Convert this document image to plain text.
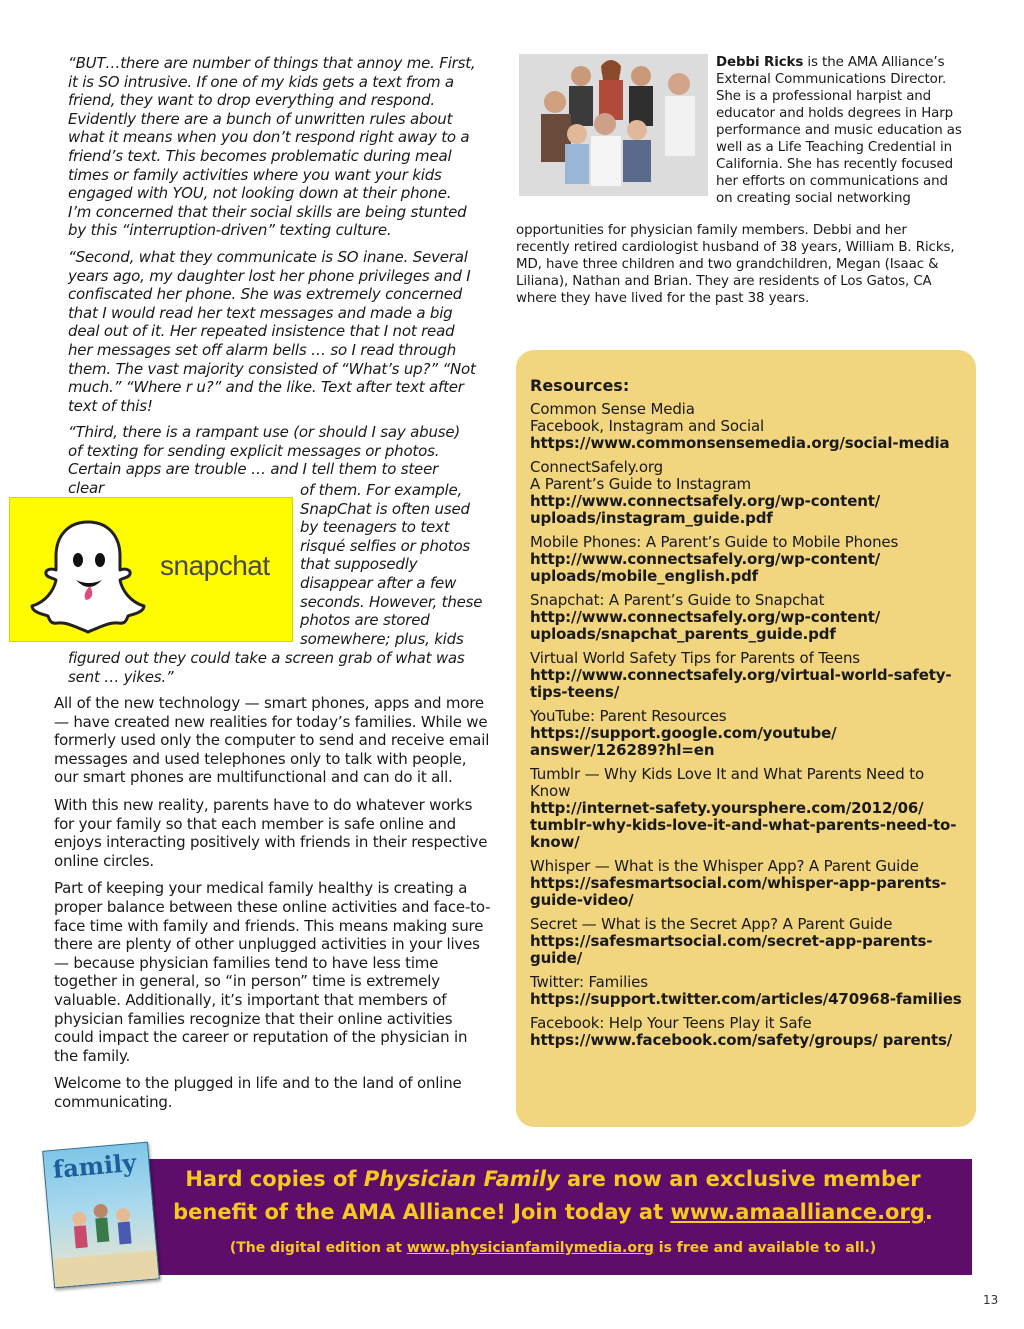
“BUT…there are number of things that annoy me. First, it is SO intrusive. If one of my kids gets a text from a friend, they want to drop everything and respond. Evidently there are a bunch of unwritten rules about what it means when you don’t respond right away to a friend’s text. This becomes problematic during meal times or family activities where you want your kids engaged with YOU, not looking down at their phone. I’m concerned that their social skills are being stunted by this “interruption-driven” texting culture.

“Second, what they communicate is SO inane. Several years ago, my daughter lost her phone privileges and I confiscated her phone. She was extremely concerned that I would read her text messages and made a big deal out of it. Her repeated insistence that I not read her messages set off alarm bells … so I read through them. The vast majority consisted of “What’s up?” “Not much.” “Where r u?” and the like. Text after text after text of this!

“Third, there is a rampant use (or should I say abuse) of texting for sending explicit messages or photos. Certain apps are trouble … and I tell them to steer clear

snapchat

of them. For example, SnapChat is often used by teenagers to text risqué selfies or photos that supposedly disappear after a few seconds. However, these photos are stored somewhere; plus, kids

figured out they could take a screen grab of what was sent … yikes.”

All of the new technology — smart phones, apps and more — have created new realities for today’s families. While we formerly used only the computer to send and receive email messages and used telephones only to talk with people, our smart phones are multifunctional and can do it all.

With this new reality, parents have to do whatever works for your family so that each member is safe online and enjoys interacting positively with friends in their respective online circles.

Part of keeping your medical family healthy is creating a proper balance between these online activities and face-to-face time with family and friends. This means making sure there are plenty of other unplugged activities in your lives — because physician families tend to have less time together in general, so “in person” time is extremely valuable. Additionally, it’s important that members of physician families recognize that their online activities could impact the career or reputation of the physician in the family.

Welcome to the plugged in life and to the land of online communicating.

Debbi Ricks is the AMA Alliance’s External Communications Director. She is a professional harpist and educator and holds degrees in Harp performance and music education as well as a Life Teaching Credential in California. She has recently focused her efforts on communications and on creating social networking

opportunities for physician family members. Debbi and her recently retired cardiologist husband of 38 years, William B. Ricks, MD, have three children and two grandchildren, Megan (Isaac & Liliana), Nathan and Brian. They are residents of Los Gatos, CA where they have lived for the past 38 years.

Resources:
Common Sense Media
Facebook, Instagram and Social
https://www.commonsensemedia.org/social-media
ConnectSafely.org
A Parent’s Guide to Instagram
http://www.connectsafely.org/wp-content/ uploads/instagram_guide.pdf
Mobile Phones: A Parent’s Guide to Mobile Phones
http://www.connectsafely.org/wp-content/ uploads/mobile_english.pdf
Snapchat: A Parent’s Guide to Snapchat
http://www.connectsafely.org/wp-content/ uploads/snapchat_parents_guide.pdf
Virtual World Safety Tips for Parents of Teens
http://www.connectsafely.org/virtual-world-safety-tips-teens/
YouTube: Parent Resources
https://support.google.com/youtube/ answer/126289?hl=en
Tumblr — Why Kids Love It and What Parents Need to Know
http://internet-safety.yoursphere.com/2012/06/ tumblr-why-kids-love-it-and-what-parents-need-to-know/
Whisper — What is the Whisper App? A Parent Guide
https://safesmartsocial.com/whisper-app-parents-guide-video/
Secret — What is the Secret App? A Parent Guide
https://safesmartsocial.com/secret-app-parents-guide/
Twitter: Families
https://support.twitter.com/articles/470968-families
Facebook: Help Your Teens Play it Safe
https://www.facebook.com/safety/groups/ parents/
Hard copies of Physician Family are now an exclusive member
benefit of the AMA Alliance! Join today at www.amaalliance.org.
(The digital edition at www.physicianfamilymedia.org is free and available to all.)
family
13
